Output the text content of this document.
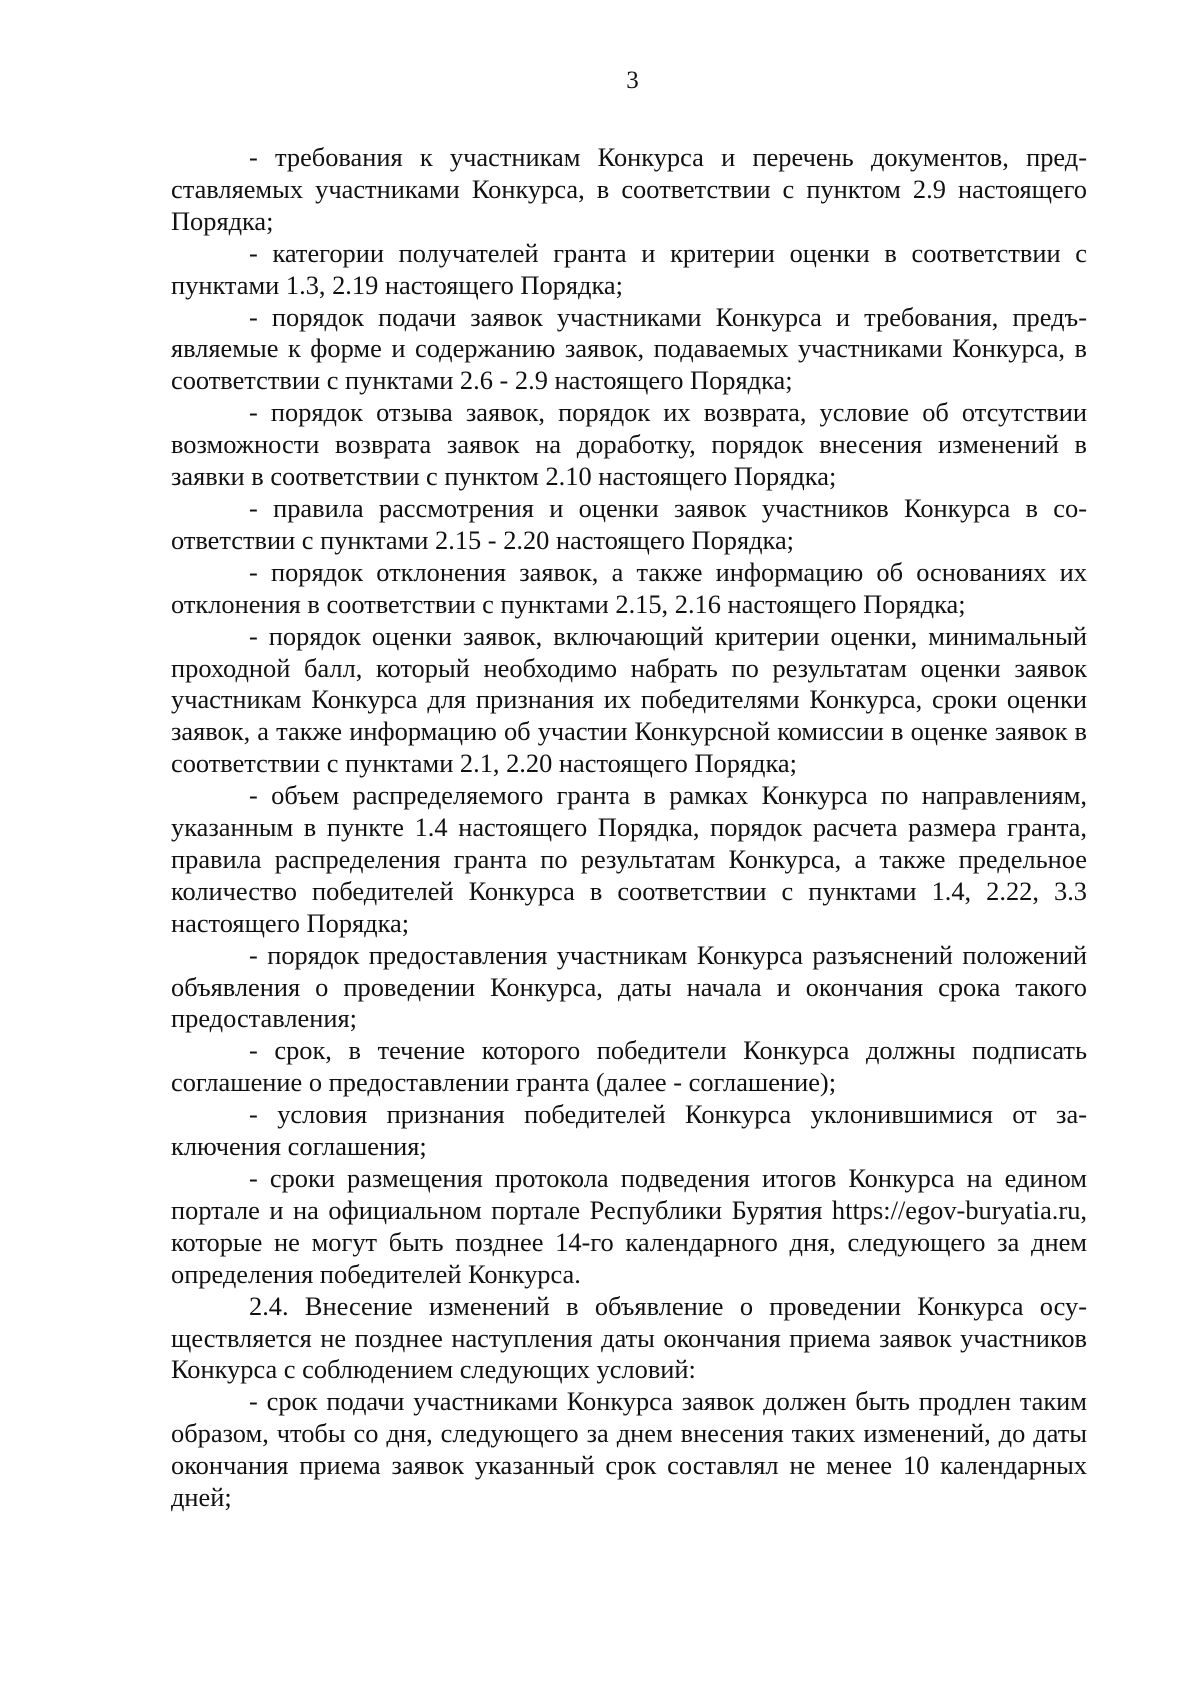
3

- требования к участникам Конкурса и перечень документов, представляемых участниками Конкурса, в соответствии с пунктом 2.9 настоящего Порядка;

- категории получателей гранта и критерии оценки в соответствии с пунктами 1.3, 2.19 настоящего Порядка;

- порядок подачи заявок участниками Конкурса и требования, предъявляемые к форме и содержанию заявок, подаваемых участниками Конкурса, в соответствии с пунктами 2.6 - 2.9 настоящего Порядка;

- порядок отзыва заявок, порядок их возврата, условие об отсутствии возможности возврата заявок на доработку, порядок внесения изменений в заявки в соответствии с пунктом 2.10 настоящего Порядка;

- правила рассмотрения и оценки заявок участников Конкурса в соответствии с пунктами 2.15 - 2.20 настоящего Порядка;

- порядок отклонения заявок, а также информацию об основаниях их отклонения в соответствии с пунктами 2.15, 2.16 настоящего Порядка;

- порядок оценки заявок, включающий критерии оценки, минимальный проходной балл, который необходимо набрать по результатам оценки заявок участникам Конкурса для признания их победителями Конкурса, сроки оценки заявок, а также информацию об участии Конкурсной комиссии в оценке заявок в соответствии с пунктами 2.1, 2.20 настоящего Порядка;

- объем распределяемого гранта в рамках Конкурса по направлениям, указанным в пункте 1.4 настоящего Порядка, порядок расчета размера гранта, правила распределения гранта по результатам Конкурса, а также предельное количество победителей Конкурса в соответствии с пунктами 1.4, 2.22, 3.3 настоящего Порядка;

- порядок предоставления участникам Конкурса разъяснений положений объявления о проведении Конкурса, даты начала и окончания срока такого предоставления;

- срок, в течение которого победители Конкурса должны подписать соглашение о предоставлении гранта (далее - соглашение);

- условия признания победителей Конкурса уклонившимися от заключения соглашения;

- сроки размещения протокола подведения итогов Конкурса на едином портале и на официальном портале Республики Бурятия https://egov-buryatia.ru, которые не могут быть позднее 14-го календарного дня, следующего за днем определения победителей Конкурса.

2.4. Внесение изменений в объявление о проведении Конкурса осуществляется не позднее наступления даты окончания приема заявок участников Конкурса с соблюдением следующих условий:

- срок подачи участниками Конкурса заявок должен быть продлен таким образом, чтобы со дня, следующего за днем внесения таких изменений, до даты окончания приема заявок указанный срок составлял не менее 10 календарных дней;
